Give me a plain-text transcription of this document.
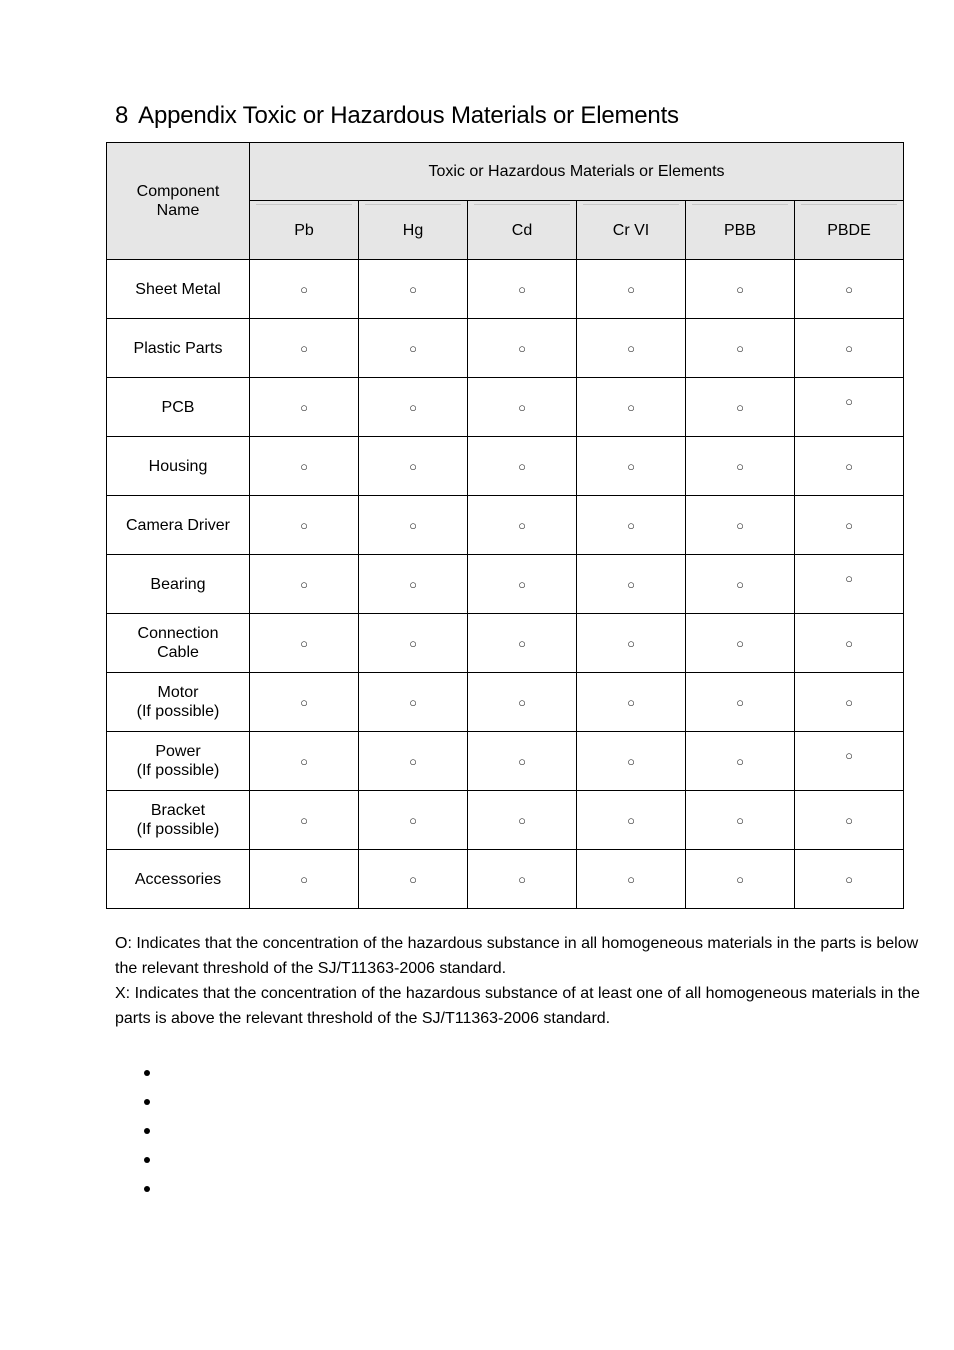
8 Appendix Toxic or Hazardous Materials or Elements
Component
Name	Toxic or Hazardous Materials or Elements					
	Pb	Hg	Cd	Cr VI	PBB	PBDE
Sheet Metal	○	○	○	○	○	○
Plastic Parts	○	○	○	○	○	○
PCB	○	○	○	○	○	○
Housing	○	○	○	○	○	○
Camera Driver	○	○	○	○	○	○
Bearing	○	○	○	○	○	○
Connection
Cable	○	○	○	○	○	○
Motor
(If possible)	○	○	○	○	○	○
Power
(If possible)	○	○	○	○	○	○
Bracket
(If possible)	○	○	○	○	○	○
Accessories	○	○	○	○	○	○

O: Indicates that the concentration of the hazardous substance in all homogeneous materials in the parts is below the relevant threshold of the SJ/T11363-2006 standard.

X: Indicates that the concentration of the hazardous substance of at least one of all homogeneous materials in the parts is above the relevant threshold of the SJ/T11363-2006 standard.
